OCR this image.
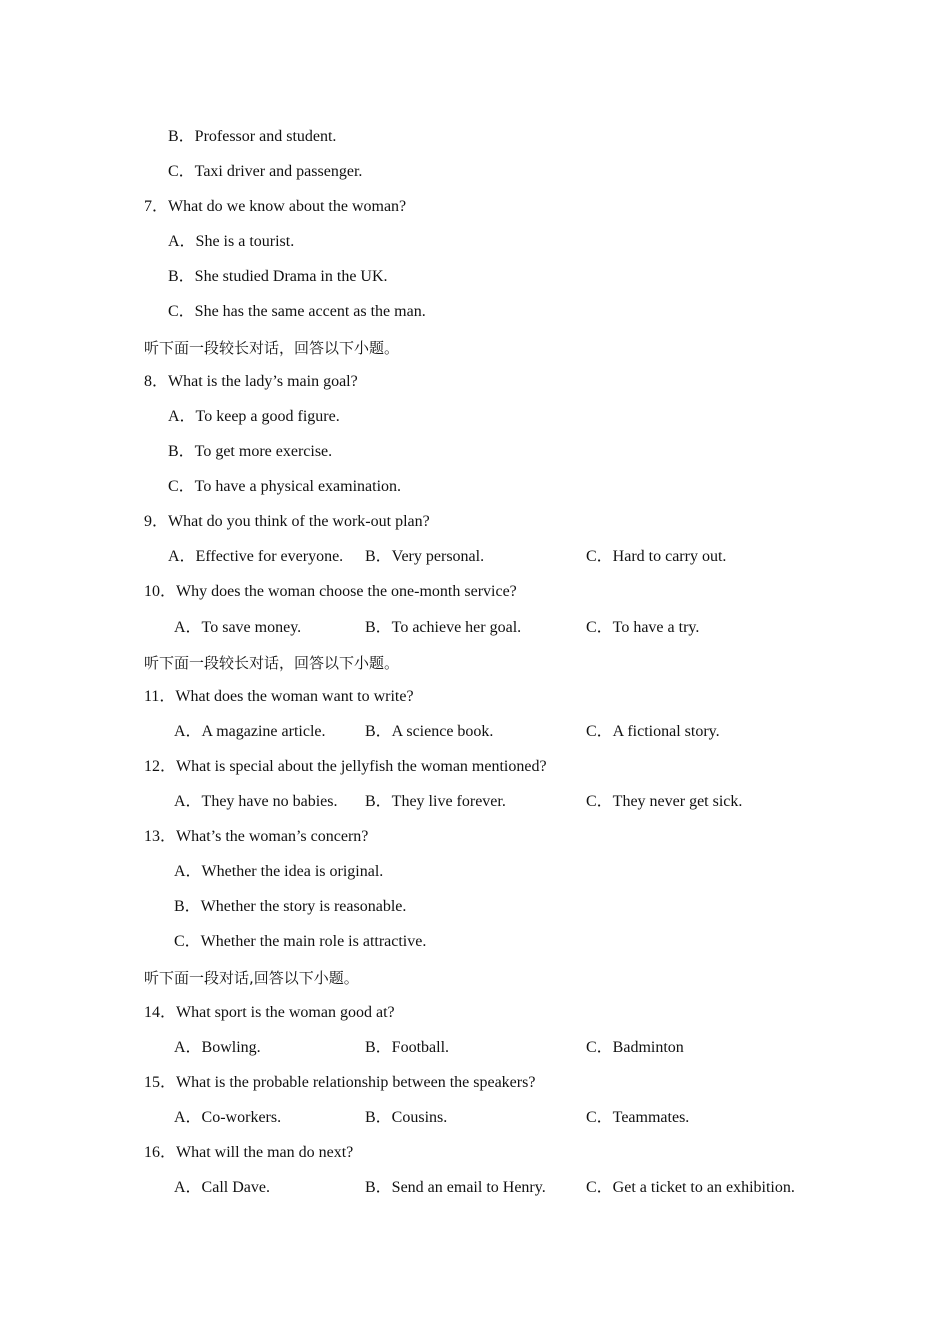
B．Professor and student.
C．Taxi driver and passenger.
7．What do we know about the woman?
A．She is a tourist.
B．She studied Drama in the UK.
C．She has the same accent as the man.
听下面一段较长对话，回答以下小题。
8．What is the lady’s main goal?
A．To keep a good figure.
B．To get more exercise.
C．To have a physical examination.
9．What do you think of the work-out plan?
A．Effective for everyone. B．Very personal.	C．Hard to carry out.
10．Why does the woman choose the one-month service?
A．To save money.	B．To achieve her goal.	C．To have a try.
听下面一段较长对话，回答以下小题。
11．What does the woman want to write?
A．A magazine article. B．A science book.	C．A fictional story.
12．What is special about the jellyfish the woman mentioned?
A．They have no babies. B．They live forever.	C．They never get sick.
13．What’s the woman’s concern?
A．Whether the idea is original.
B．Whether the story is reasonable.
C．Whether the main role is attractive.
听下面一段对话,回答以下小题。
14．What sport is the woman good at?
A．Bowling.	B．Football.	C．Badminton
15．What is the probable relationship between the speakers?
A．Co-workers.	B．Cousins.	C．Teammates.
16．What will the man do next?
A．Call Dave.	B．Send an email to Henry.	C．Get a ticket to an exhibition.
